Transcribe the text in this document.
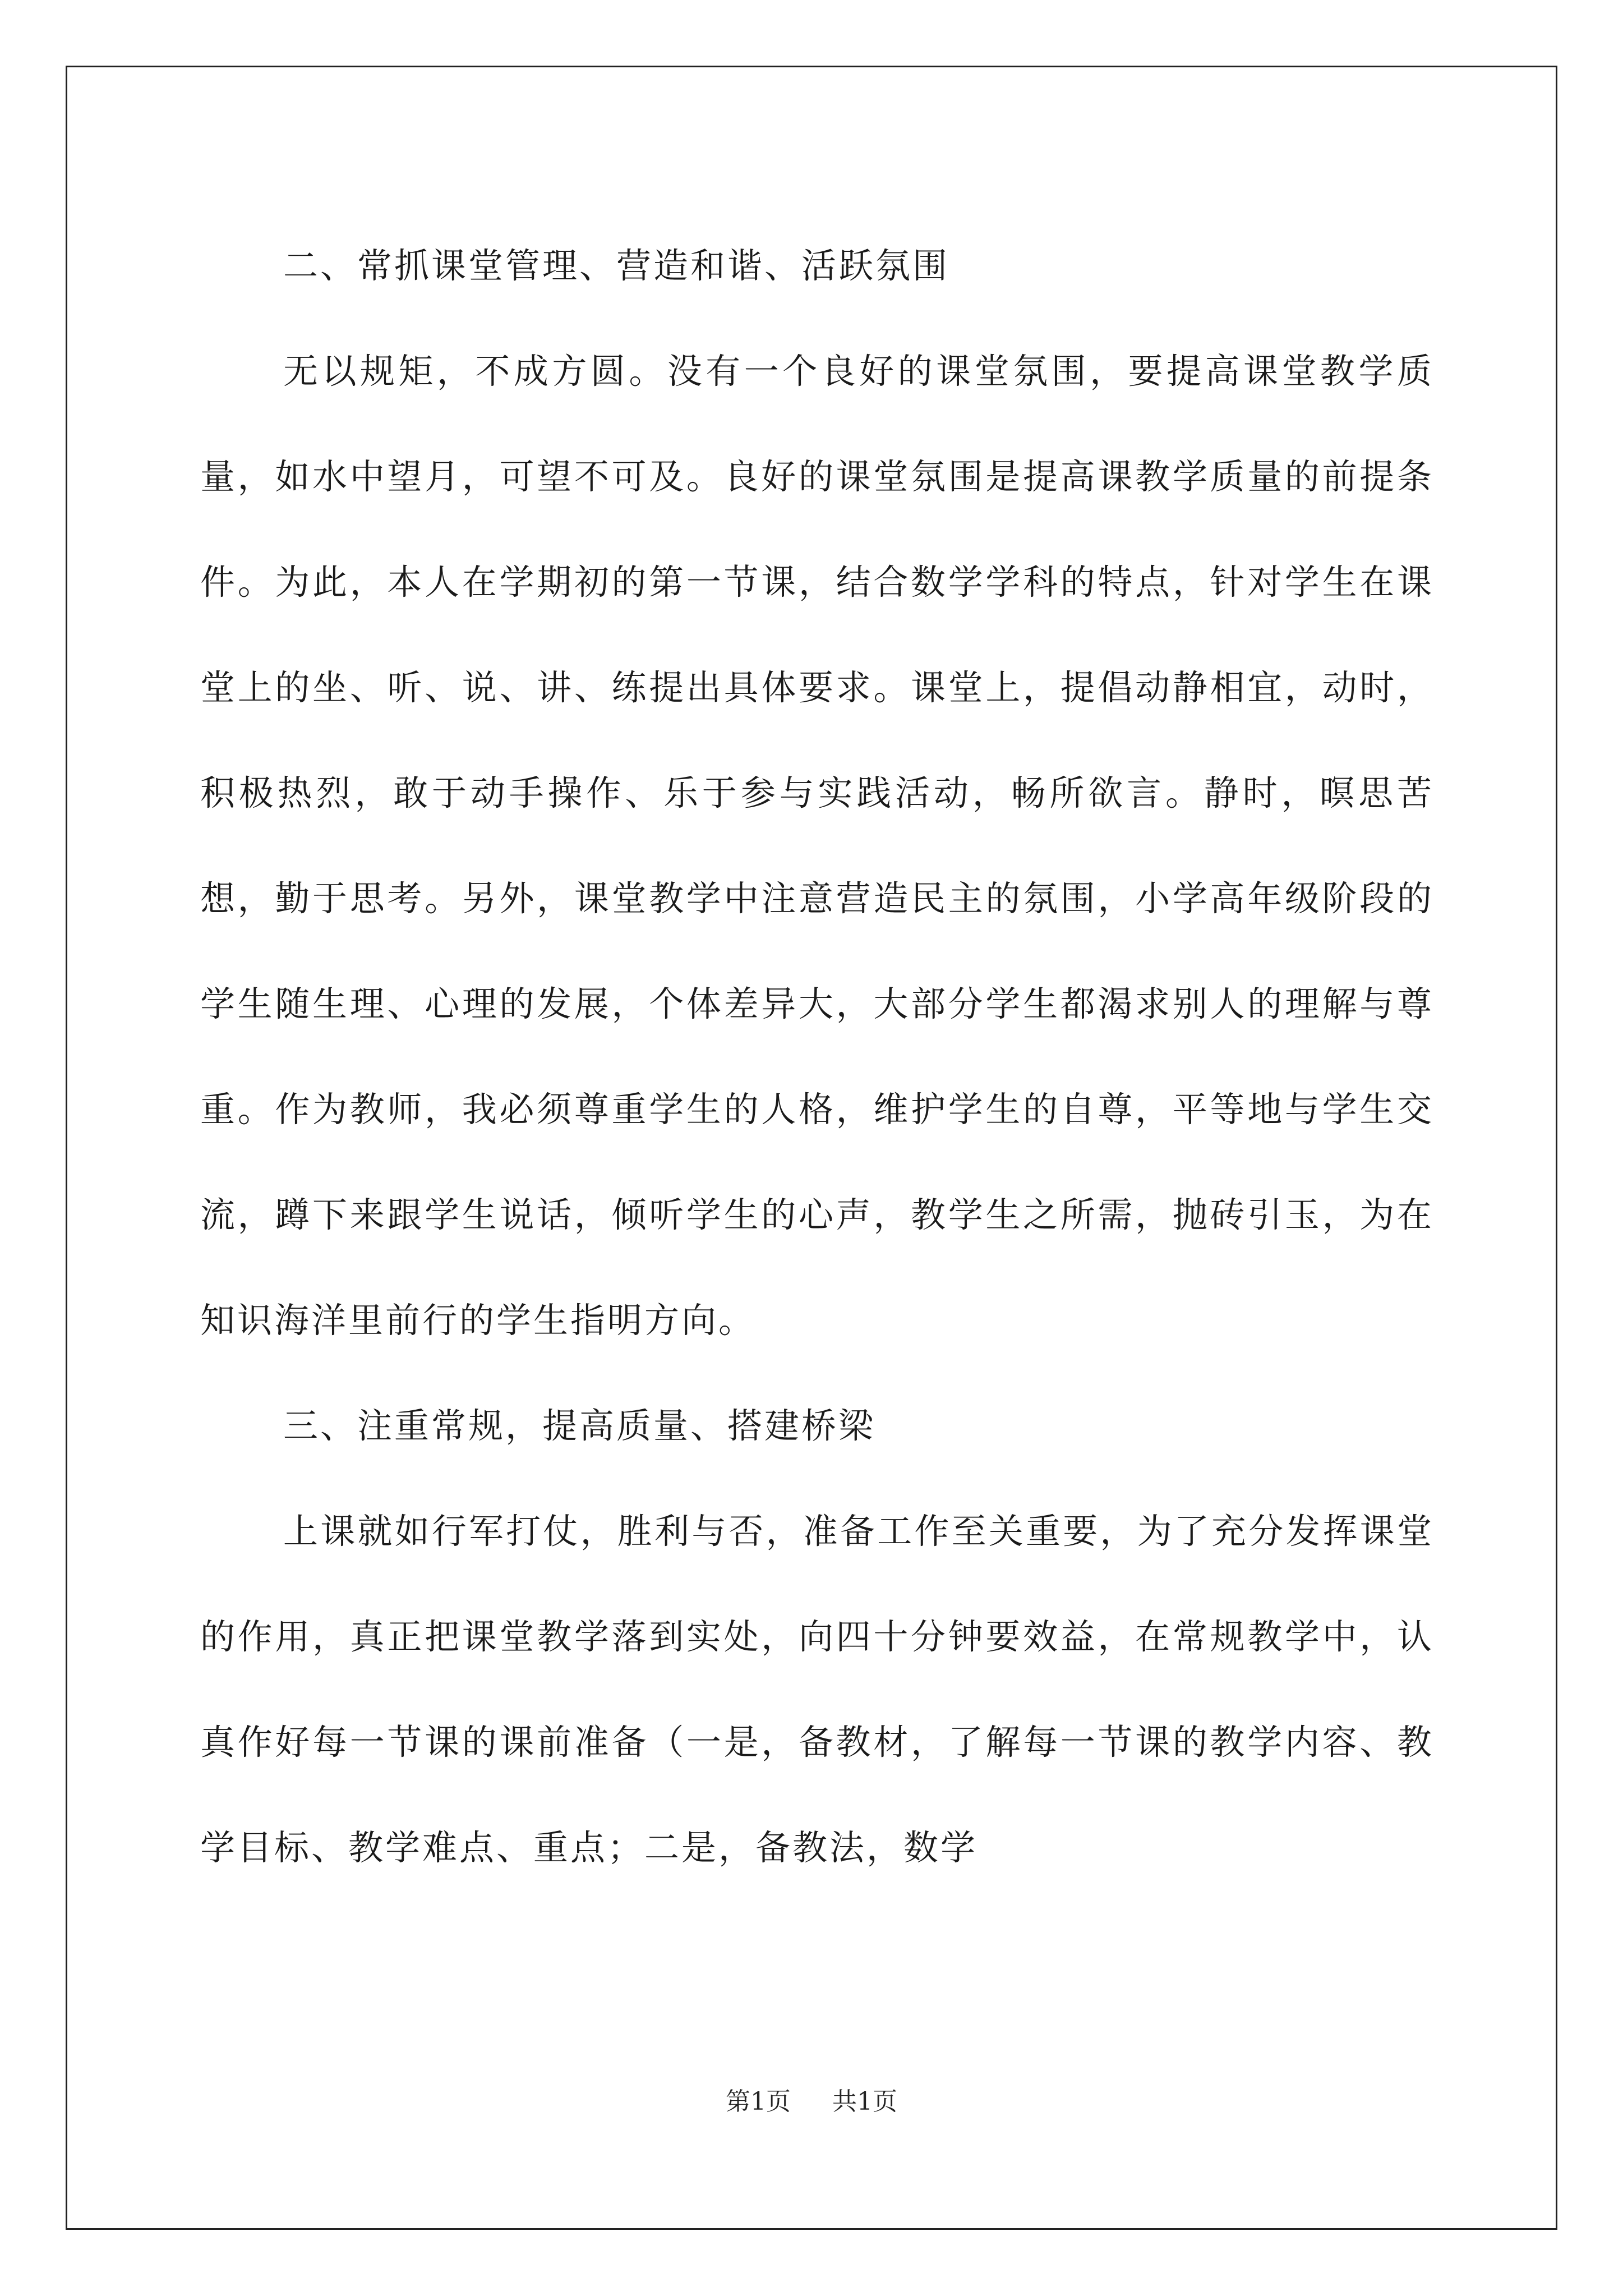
二、常抓课堂管理、营造和谐、活跃氛围

无以规矩，不成方圆。没有一个良好的课堂氛围，要提高课堂教学质量，如水中望月，可望不可及。良好的课堂氛围是提高课教学质量的前提条件。为此，本人在学期初的第一节课，结合数学学科的特点，针对学生在课堂上的坐、听、说、讲、练提出具体要求。课堂上，提倡动静相宜，动时，积极热烈，敢于动手操作、乐于参与实践活动，畅所欲言。静时，暝思苦想，勤于思考。另外，课堂教学中注意营造民主的氛围，小学高年级阶段的学生随生理、心理的发展，个体差异大，大部分学生都渴求别人的理解与尊重。作为教师，我必须尊重学生的人格，维护学生的自尊，平等地与学生交流，蹲下来跟学生说话，倾听学生的心声，教学生之所需，抛砖引玉，为在知识海洋里前行的学生指明方向。

三、注重常规，提高质量、搭建桥梁

上课就如行军打仗，胜利与否，准备工作至关重要，为了充分发挥课堂的作用，真正把课堂教学落到实处，向四十分钟要效益，在常规教学中，认真作好每一节课的课前准备（一是，备教材，了解每一节课的教学内容、教学目标、教学难点、重点；二是，备教法，数学

第1页 共1页
